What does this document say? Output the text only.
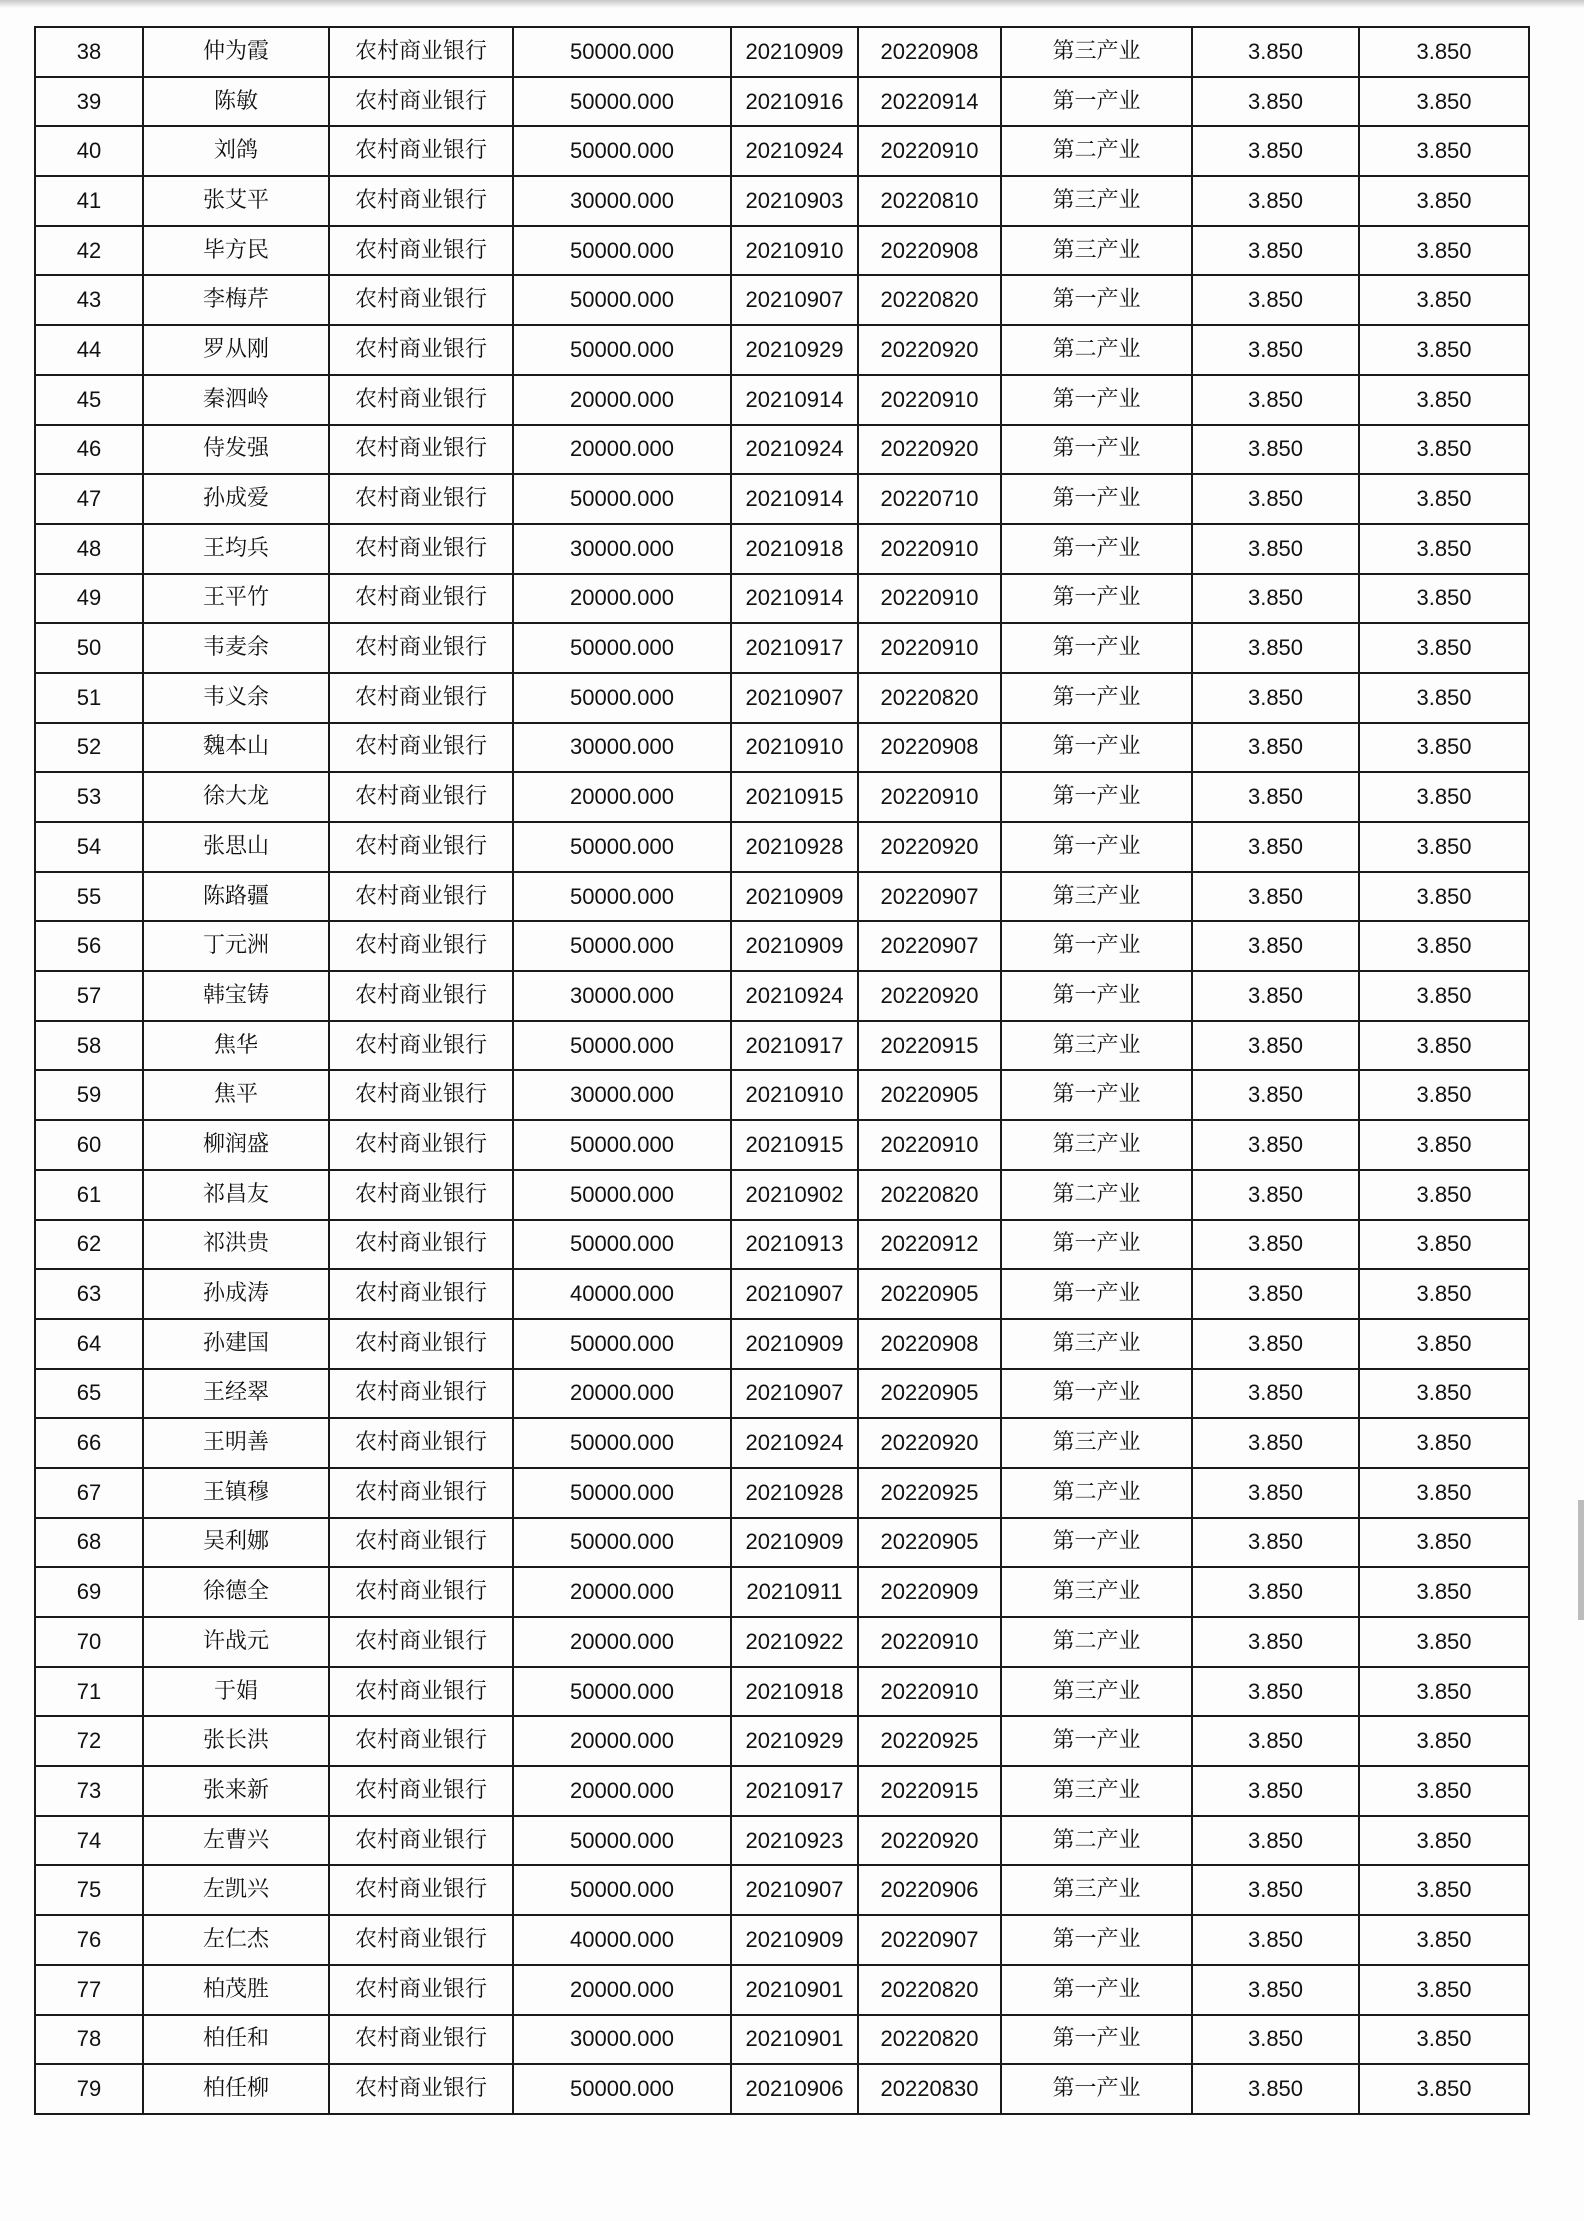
38	仲为霞	农村商业银行	50000.000	20210909	20220908	第三产业	3.850	3.850
39	陈敏	农村商业银行	50000.000	20210916	20220914	第一产业	3.850	3.850
40	刘鸽	农村商业银行	50000.000	20210924	20220910	第二产业	3.850	3.850
41	张艾平	农村商业银行	30000.000	20210903	20220810	第三产业	3.850	3.850
42	毕方民	农村商业银行	50000.000	20210910	20220908	第三产业	3.850	3.850
43	李梅芹	农村商业银行	50000.000	20210907	20220820	第一产业	3.850	3.850
44	罗从刚	农村商业银行	50000.000	20210929	20220920	第二产业	3.850	3.850
45	秦泗岭	农村商业银行	20000.000	20210914	20220910	第一产业	3.850	3.850
46	侍发强	农村商业银行	20000.000	20210924	20220920	第一产业	3.850	3.850
47	孙成爱	农村商业银行	50000.000	20210914	20220710	第一产业	3.850	3.850
48	王均兵	农村商业银行	30000.000	20210918	20220910	第一产业	3.850	3.850
49	王平竹	农村商业银行	20000.000	20210914	20220910	第一产业	3.850	3.850
50	韦麦余	农村商业银行	50000.000	20210917	20220910	第一产业	3.850	3.850
51	韦义余	农村商业银行	50000.000	20210907	20220820	第一产业	3.850	3.850
52	魏本山	农村商业银行	30000.000	20210910	20220908	第一产业	3.850	3.850
53	徐大龙	农村商业银行	20000.000	20210915	20220910	第一产业	3.850	3.850
54	张思山	农村商业银行	50000.000	20210928	20220920	第一产业	3.850	3.850
55	陈路疆	农村商业银行	50000.000	20210909	20220907	第三产业	3.850	3.850
56	丁元洲	农村商业银行	50000.000	20210909	20220907	第一产业	3.850	3.850
57	韩宝铸	农村商业银行	30000.000	20210924	20220920	第一产业	3.850	3.850
58	焦华	农村商业银行	50000.000	20210917	20220915	第三产业	3.850	3.850
59	焦平	农村商业银行	30000.000	20210910	20220905	第一产业	3.850	3.850
60	柳润盛	农村商业银行	50000.000	20210915	20220910	第三产业	3.850	3.850
61	祁昌友	农村商业银行	50000.000	20210902	20220820	第二产业	3.850	3.850
62	祁洪贵	农村商业银行	50000.000	20210913	20220912	第一产业	3.850	3.850
63	孙成涛	农村商业银行	40000.000	20210907	20220905	第一产业	3.850	3.850
64	孙建国	农村商业银行	50000.000	20210909	20220908	第三产业	3.850	3.850
65	王经翠	农村商业银行	20000.000	20210907	20220905	第一产业	3.850	3.850
66	王明善	农村商业银行	50000.000	20210924	20220920	第三产业	3.850	3.850
67	王镇穆	农村商业银行	50000.000	20210928	20220925	第二产业	3.850	3.850
68	吴利娜	农村商业银行	50000.000	20210909	20220905	第一产业	3.850	3.850
69	徐德全	农村商业银行	20000.000	20210911	20220909	第三产业	3.850	3.850
70	许战元	农村商业银行	20000.000	20210922	20220910	第二产业	3.850	3.850
71	于娟	农村商业银行	50000.000	20210918	20220910	第三产业	3.850	3.850
72	张长洪	农村商业银行	20000.000	20210929	20220925	第一产业	3.850	3.850
73	张来新	农村商业银行	20000.000	20210917	20220915	第三产业	3.850	3.850
74	左曹兴	农村商业银行	50000.000	20210923	20220920	第二产业	3.850	3.850
75	左凯兴	农村商业银行	50000.000	20210907	20220906	第三产业	3.850	3.850
76	左仁杰	农村商业银行	40000.000	20210909	20220907	第一产业	3.850	3.850
77	柏茂胜	农村商业银行	20000.000	20210901	20220820	第一产业	3.850	3.850
78	柏任和	农村商业银行	30000.000	20210901	20220820	第一产业	3.850	3.850
79	柏任柳	农村商业银行	50000.000	20210906	20220830	第一产业	3.850	3.850
